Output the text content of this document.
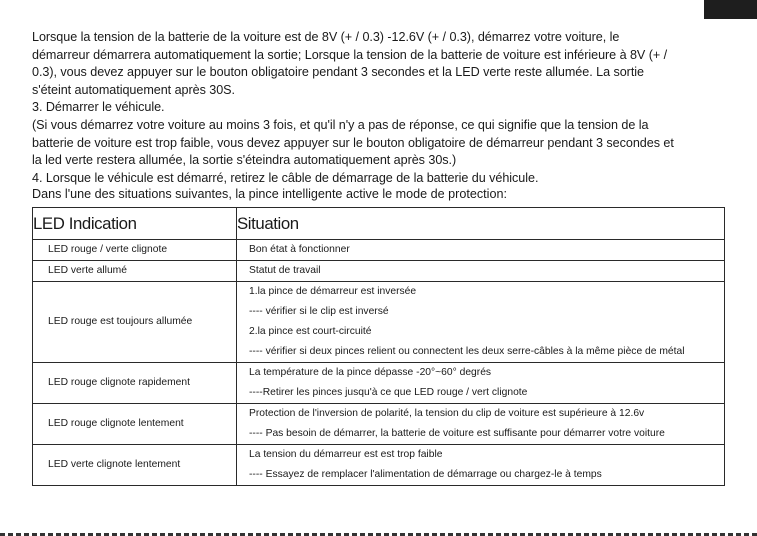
Lorsque la tension de la batterie de la voiture est de 8V (+ / 0.3) -12.6V (+ / 0.3), démarrez votre voiture, le

démarreur démarrera automatiquement la sortie; Lorsque la tension de la batterie de voiture est inférieure à 8V (+ /

0.3), vous devez appuyer sur le bouton obligatoire pendant 3 secondes et la LED verte reste allumée. La sortie

s'éteint automatiquement après 30S.

3. Démarrer le véhicule.

(Si vous démarrez votre voiture au moins 3 fois, et qu'il n'y a pas de réponse, ce qui signifie que la tension de la

batterie de voiture est trop faible, vous devez appuyer sur le bouton obligatoire de démarreur pendant 3 secondes et

la led verte restera allumée, la sortie s'éteindra automatiquement après 30s.)

4. Lorsque le véhicule est démarré, retirez le câble de démarrage de la batterie du véhicule.

Dans l'une des situations suivantes, la pince intelligente active le mode de protection:
LED Indication	Situation
LED rouge / verte clignote	Bon état à fonctionner

LED verte allumé	Statut de travail

LED rouge est toujours allumée	1.la pince de démarreur est inversée
---- vérifier si le clip est inversé
2.la pince est court-circuité
---- vérifier si deux pinces relient ou connectent les deux serre-câbles à la même pièce de métal

LED rouge clignote rapidement	La température de la pince dépasse -20°~60° degrés
----Retirer les pinces jusqu'à ce que LED rouge / vert clignote

LED rouge clignote lentement	Protection de l'inversion de polarité, la tension du clip de voiture est supérieure à 12.6v
---- Pas besoin de démarrer, la batterie de voiture est suffisante pour démarrer votre voiture

LED verte clignote lentement	La tension du démarreur est est trop faible
---- Essayez de remplacer l'alimentation de démarrage ou chargez-le à temps
